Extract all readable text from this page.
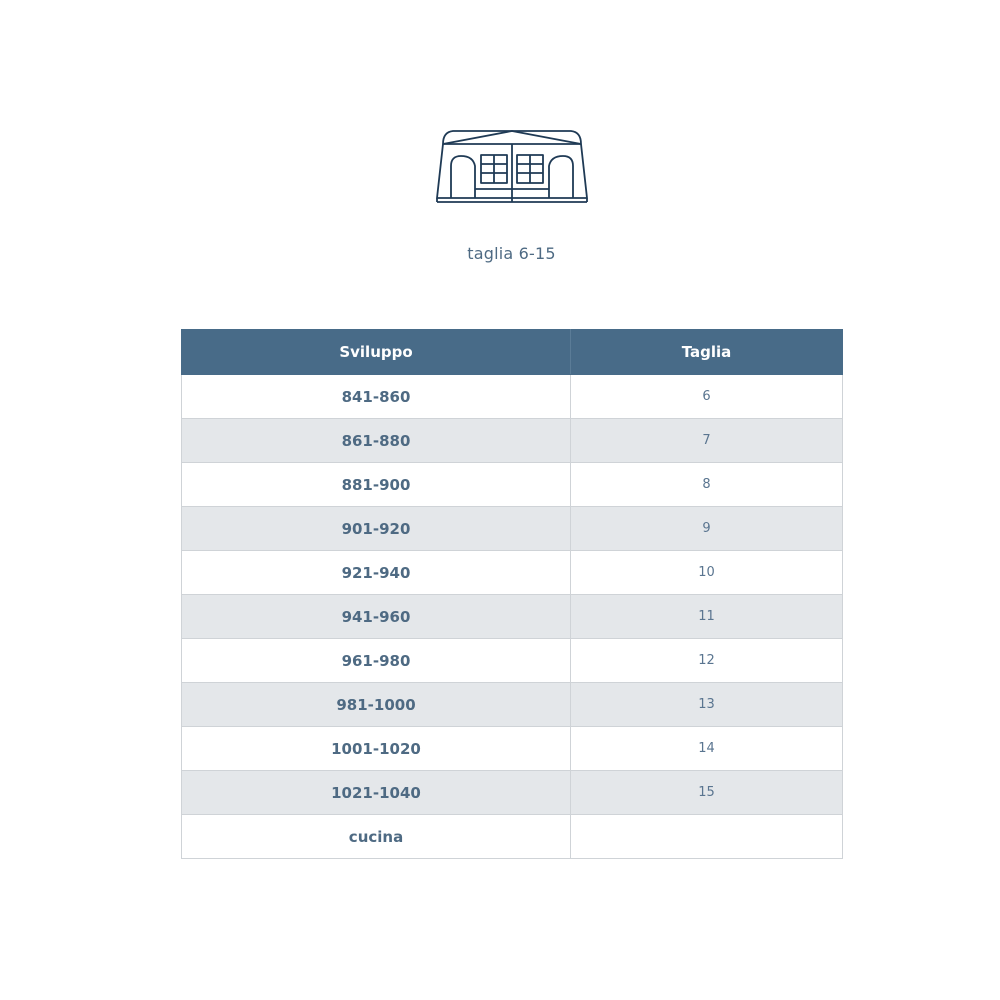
taglia 6-15
Sviluppo	Taglia
841-860	6
861-880	7
881-900	8
901-920	9
921-940	10
941-960	11
961-980	12
981-1000	13
1001-1020	14
1021-1040	15
cucina	
